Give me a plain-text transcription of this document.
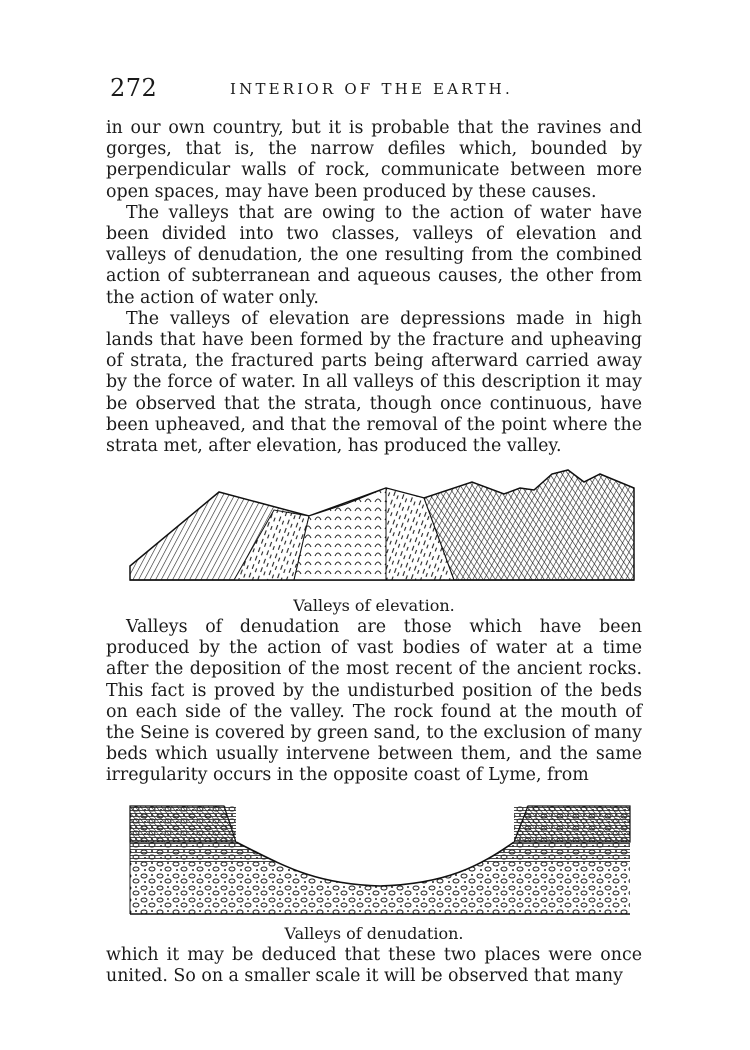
272	INTERIOR OF THE EARTH.

in our own country, but it is probable that the ravines and gorges, that is, the narrow defiles which, bounded by perpendicular walls of rock, communicate between more open spaces, may have been produced by these causes.

The valleys that are owing to the action of water have been divided into two classes, valleys of elevation and valleys of denudation, the one resulting from the combined action of subterranean and aqueous causes, the other from the action of water only.

The valleys of elevation are depressions made in high lands that have been formed by the fracture and upheaving of strata, the fractured parts being afterward carried away by the force of water. In all valleys of this description it may be observed that the strata, though once continuous, have been upheaved, and that the removal of the point where the strata met, after elevation, has produced the valley.

Valleys of elevation.

Valleys of denudation are those which have been produced by the action of vast bodies of water at a time after the deposition of the most recent of the ancient rocks. This fact is proved by the undisturbed position of the beds on each side of the valley. The rock found at the mouth of the Seine is covered by green sand, to the exclusion of many beds which usually intervene between them, and the same irregularity occurs in the opposite coast of Lyme, from

Valleys of denudation.

which it may be deduced that these two places were once united. So on a smaller scale it will be observed that many
